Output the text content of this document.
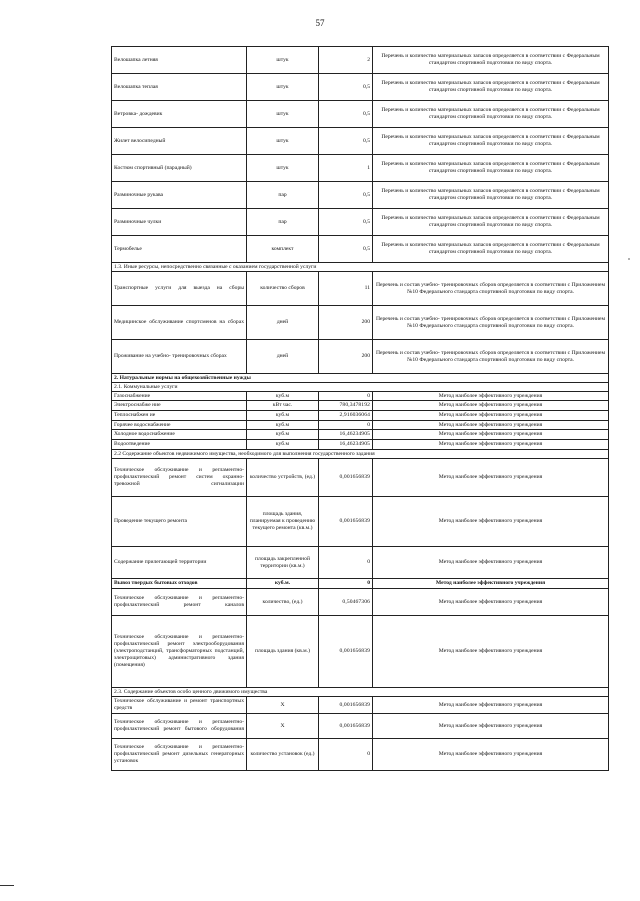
57
Велошапка летняя	штук	2	Перечень и количество материальных запасов определяется в соответствии с Федеральным стандартом спортивной подготовки по виду спорта.
Велошапка теплая	штук	0,5	Перечень и количество материальных запасов определяется в соответствии с Федеральным стандартом спортивной подготовки по виду спорта.
Ветровка- дождевик	штук	0,5	Перечень и количество материальных запасов определяется в соответствии с Федеральным стандартом спортивной подготовки по виду спорта.
Жилет велосипедный	штук	0,5	Перечень и количество материальных запасов определяется в соответствии с Федеральным стандартом спортивной подготовки по виду спорта.
Костюм спортивный (парадный)	штук	1	Перечень и количество материальных запасов определяется в соответствии с Федеральным стандартом спортивной подготовки по виду спорта.
Разминочные рукава	пар	0,5	Перечень и количество материальных запасов определяется в соответствии с Федеральным стандартом спортивной подготовки по виду спорта.
Разминочные чулки	пар	0,5	Перечень и количество материальных запасов определяется в соответствии с Федеральным стандартом спортивной подготовки по виду спорта.
Термобелье	комплект	0,5	Перечень и количество материальных запасов определяется в соответствии с Федеральным стандартом спортивной подготовки по виду спорта.
1.3. Иные ресурсы, непосредственно связанные с оказанием государственной услуги			
Транспортные услуги для выезда на сборы	количество сборов	11	Перечень и состав учебно- тренировочных сборов определяется в соответствии с Приложением №10 Федерального стандарта спортивной подготовки по виду спорта.
Медицинское обслуживание спортсменов на сборах	дней	200	Перечень и состав учебно- тренировочных сборов определяется в соответствии с Приложением №10 Федерального стандарта спортивной подготовки по виду спорта.
Проживание на учебно- тренировочных сборах	дней	200	Перечень и состав учебно- тренировочных сборов определяется в соответствии с Приложением №10 Федерального стандарта спортивной подготовки по виду спорта.
2. Натуральные нормы на общехозяйственные нужды			
2.1. Коммунальные услуги			
Газоснабжение	куб.м	0	Метод наиболее эффективного учреждения
Электроснабже ние	кВт час.	780,3478192	Метод наиболее эффективного учреждения
Теплоснабжен ие	куб.м	2,916036064	Метод наиболее эффективного учреждения
Горячее водоснабжение	куб.м	0	Метод наиболее эффективного учреждения
Холодное водоснабжение	куб.м	16,46234905	Метод наиболее эффективного учреждения
Водоотведение	куб.м	16,46234905	Метод наиболее эффективного учреждения
2.2 Содержание объектов недвижимого имущества, необходимого для выполнения государственного задания			
Техническое обслуживание и регламентно- профилактический ремонт систем охранно- тревожной сигнализации	количество устройств, (ед.)	0,001656839	Метод наиболее эффективного учреждения
Проведение текущего ремонта	площадь здания, планируемая к проведению текущего ремонта (кв.м.)	0,001656839	Метод наиболее эффективного учреждения
Содержание прилегающей территории	площадь закрепленной территории (кв.м.)	0	Метод наиболее эффективного учреждения
Вывоз твердых бытовых отходов	куб.м.	0	Метод наиболее эффективного учреждения
Техническое обслуживание и регламентно- профилактический ремонт каналов	количество, (ед.)	0,50467306	Метод наиболее эффективного учреждения
Техническое обслуживание и регламентно- профилактический ремонт электрооборудования (электроподстанций, трансформаторных подстанций, электрощитовых) административного здания (помещения)	площадь здания (кв.м.)	0,001656839	Метод наиболее эффективного учреждения
2.3. Содержание объектов особо ценного движимого имущества			
Техническое обслуживание и ремонт транспортных средств	Х	0,001656839	Метод наиболее эффективного учреждения
Техническое обслуживание и регламентно- профилактический ремонт бытового оборудования	Х	0,001656839	Метод наиболее эффективного учреждения
Техническое обслуживание и регламентно- профилактический ремонт дизельных генераторных установок	количество установок (ед.)	0	Метод наиболее эффективного учреждения
